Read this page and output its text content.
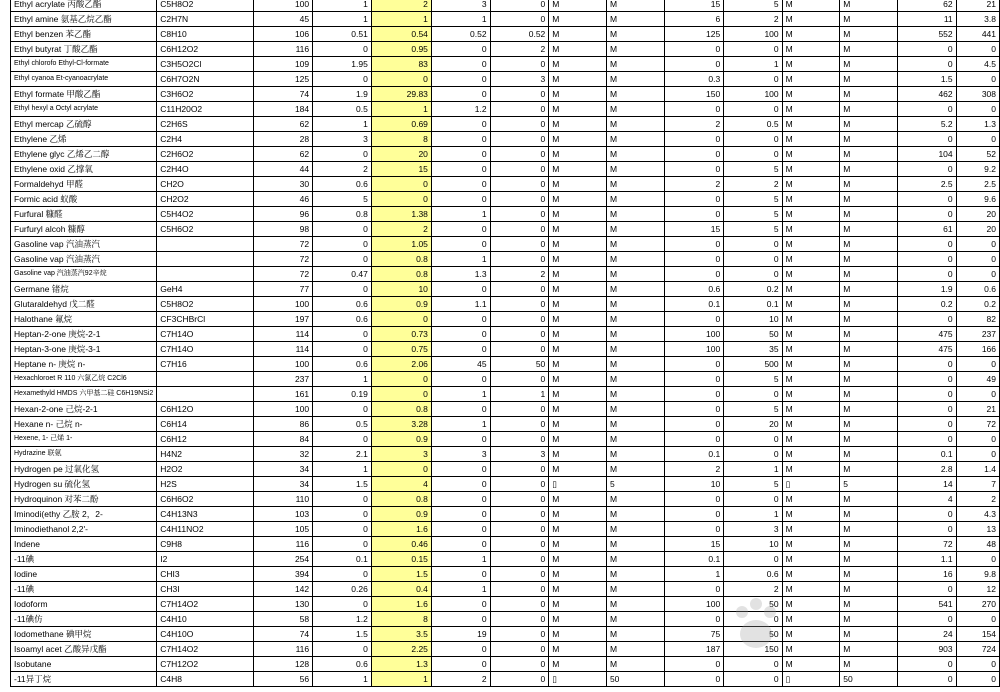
Ethyl acrylate 丙酸乙酯	C5H8O2	100	1	2	3	0	M	M	15	5	M	M	62	21
Ethyl amine 氨基乙烷乙酯	C2H7N	45	1	1	1	0	M	M	6	2	M	M	11	3.8
Ethyl benzen 苯乙酯	C8H10	106	0.51	0.54	0.52	0.52	M	M	125	100	M	M	552	441
Ethyl butyrat 丁酸乙酯	C6H12O2	116	0	0.95	0	2	M	M	0	0	M	M	0	0
Ethyl chlorofo Ethyl-Cl-formate	C3H5O2Cl	109	1.95	83	0	0	M	M	0	1	M	M	0	4.5
Ethyl cyanoa Et-cyanoacrylate	C6H7O2N	125	0	0	0	3	M	M	0.3	0	M	M	1.5	0
Ethyl formate 甲酸乙酯	C3H6O2	74	1.9	29.83	0	0	M	M	150	100	M	M	462	308
Ethyl hexyl a Octyl acrylate	C11H20O2	184	0.5	1	1.2	0	M	M	0	0	M	M	0	0
Ethyl mercap 乙硫醇	C2H6S	62	1	0.69	0	0	M	M	2	0.5	M	M	5.2	1.3
Ethylene 乙烯	C2H4	28	3	8	0	0	M	M	0	0	M	M	0	0
Ethylene glyc 乙烯乙二醇	C2H6O2	62	0	20	0	0	M	M	0	0	M	M	104	52
Ethylene oxid 乙撑氧	C2H4O	44	2	15	0	0	M	M	0	5	M	M	0	9.2
Formaldehyd 甲醛	CH2O	30	0.6	0	0	0	M	M	2	2	M	M	2.5	2.5
Formic acid 蚁酸	CH2O2	46	5	0	0	0	M	M	0	5	M	M	0	9.6
Furfural 糠醛	C5H4O2	96	0.8	1.38	1	0	M	M	0	5	M	M	0	20
Furfuryl alcoh 糠醇	C5H6O2	98	0	2	0	0	M	M	15	5	M	M	61	20
Gasoline vap 汽油蒸汽		72	0	1.05	0	0	M	M	0	0	M	M	0	0
Gasoline vap 汽油蒸汽		72	0	0.8	1	0	M	M	0	0	M	M	0	0
Gasoline vap 汽油蒸汽92辛烷		72	0.47	0.8	1.3	2	M	M	0	0	M	M	0	0
Germane 锗烷	GeH4	77	0	10	0	0	M	M	0.6	0.2	M	M	1.9	0.6
Glutaraldehyd 戊二醛	C5H8O2	100	0.6	0.9	1.1	0	M	M	0.1	0.1	M	M	0.2	0.2
Halothane 氟烷	CF3CHBrCl	197	0.6	0	0	0	M	M	0	10	M	M	0	82
Heptan-2-one 庚烷-2-1	C7H14O	114	0	0.73	0	0	M	M	100	50	M	M	475	237
Heptan-3-one 庚烷-3-1	C7H14O	114	0	0.75	0	0	M	M	100	35	M	M	475	166
Heptane n- 庚烷 n-	C7H16	100	0.6	2.06	45	50	M	M	0	500	M	M	0	0
Hexachloroet R 110 六氯乙烷 C2Cl6		237	1	0	0	0	M	M	0	5	M	M	0	49
Hexamethyld HMDS 六甲基二硅 C6H19NSi2		161	0.19	0	1	1	M	M	0	0	M	M	0	0
Hexan-2-one 己烷-2-1	C6H12O	100	0	0.8	0	0	M	M	0	5	M	M	0	21
Hexane n- 己烷 n-	C6H14	86	0.5	3.28	1	0	M	M	0	20	M	M	0	72
Hexene, 1- 己烯 1-	C6H12	84	0	0.9	0	0	M	M	0	0	M	M	0	0
Hydrazine 联氨	H4N2	32	2.1	3	3	3	M	M	0.1	0	M	M	0.1	0
Hydrogen pe 过氧化氢	H2O2	34	1	0	0	0	M	M	2	1	M	M	2.8	1.4
Hydrogen su 硫化氢	H2S	34	1.5	4	0	0	▯	5	10	5	▯	5	14	7
Hydroquinon 对苯二酚	C6H6O2	110	0	0.8	0	0	M	M	0	0	M	M	4	2
Iminodi(ethy 乙胺 2，2-	C4H13N3	103	0	0.9	0	0	M	M	0	1	M	M	0	4.3
Iminodiethanol 2,2'-	C4H11NO2	105	0	1.6	0	0	M	M	0	3	M	M	0	13
Indene	C9H8	116	0	0.46	0	0	M	M	15	10	M	M	72	48
-11碘	I2	254	0.1	0.15	1	0	M	M	0.1	0	M	M	1.1	0
Iodine	CHI3	394	0	1.5	0	0	M	M	1	0.6	M	M	16	9.8
-11碘	CH3I	142	0.26	0.4	1	0	M	M	0	2	M	M	0	12
Iodoform	C7H14O2	130	0	1.6	0	0	M	M	100	50	M	M	541	270
-11碘仿	C4H10	58	1.2	8	0	0	M	M	0	0	M	M	0	0
Iodomethane 碘甲烷	C4H10O	74	1.5	3.5	19	0	M	M	75	50	M	M	24	154
Isoamyl acet 乙酸异戊酯	C7H14O2	116	0	2.25	0	0	M	M	187	150	M	M	903	724
Isobutane	C7H12O2	128	0.6	1.3	0	0	M	M	0	0	M	M	0	0
-11异丁烷	C4H8	56	1	1	2	0	▯	50	0	0	▯	50	0	0
